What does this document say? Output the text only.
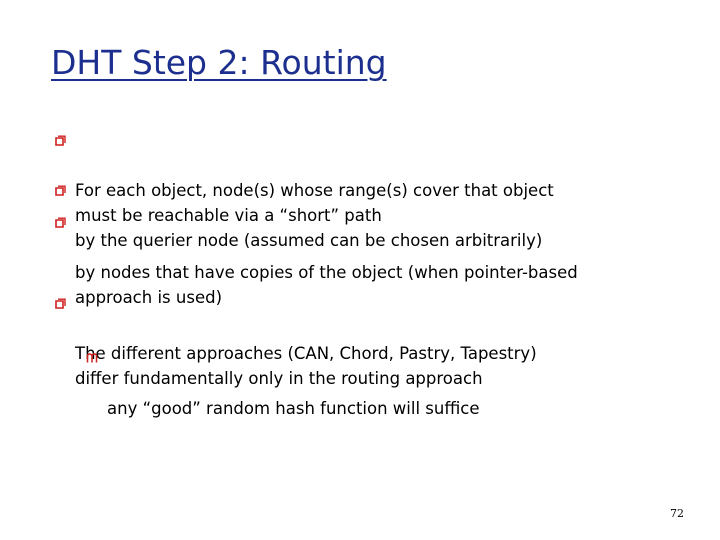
DHT Step 2: Routing

For each object, node(s) whose range(s) cover that object
must be reachable via a “short” path

by the querier node (assumed can be chosen arbitrarily)

by nodes that have copies of the object (when pointer-based
approach is used)

The different approaches (CAN, Chord, Pastry, Tapestry)
differ fundamentally only in the routing approach

any “good” random hash function will suffice

72
